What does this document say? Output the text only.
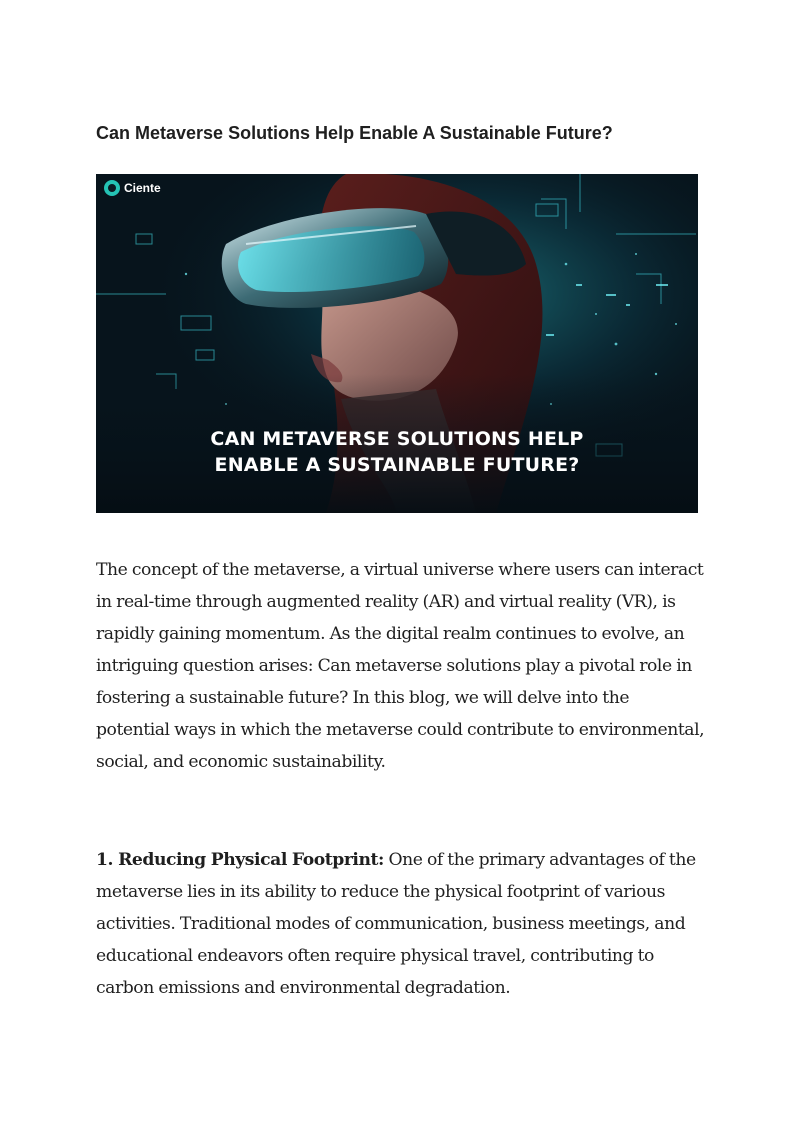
Can Metaverse Solutions Help Enable A Sustainable Future?
Ciente
CAN METAVERSE SOLUTIONS HELP
ENABLE A SUSTAINABLE FUTURE?

The concept of the metaverse, a virtual universe where users can interact in real-time through augmented reality (AR) and virtual reality (VR), is rapidly gaining momentum. As the digital realm continues to evolve, an intriguing question arises: Can metaverse solutions play a pivotal role in fostering a sustainable future? In this blog, we will delve into the potential ways in which the metaverse could contribute to environmental, social, and economic sustainability.

1. Reducing Physical Footprint: One of the primary advantages of the metaverse lies in its ability to reduce the physical footprint of various activities. Traditional modes of communication, business meetings, and educational endeavors often require physical travel, contributing to carbon emissions and environmental degradation.
